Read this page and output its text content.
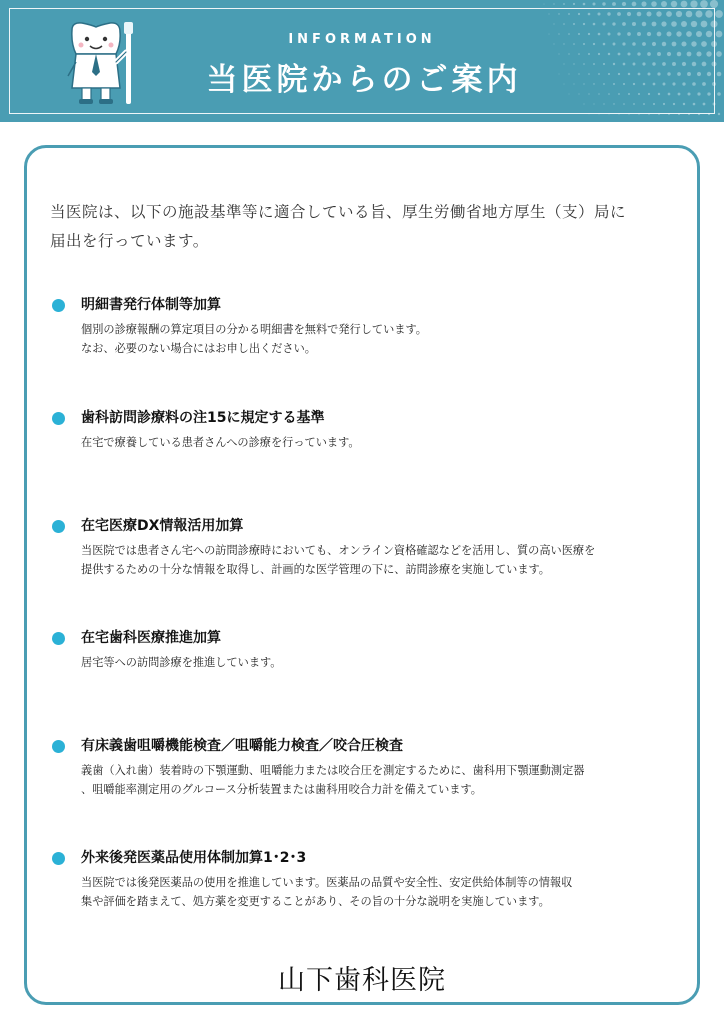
INFORMATION
当医院からのご案内
当医院は、以下の施設基準等に適合している旨、厚生労働省地方厚生（支）局に
届出を行っています。
明細書発行体制等加算
個別の診療報酬の算定項目の分かる明細書を無料で発行しています。
なお、必要のない場合にはお申し出ください。
歯科訪問診療料の注15に規定する基準
在宅で療養している患者さんへの診療を行っています。
在宅医療DX情報活用加算
当医院では患者さん宅への訪問診療時においても、オンライン資格確認などを活用し、質の高い医療を
提供するための十分な情報を取得し、計画的な医学管理の下に、訪問診療を実施しています。
在宅歯科医療推進加算
居宅等への訪問診療を推進しています。
有床義歯咀嚼機能検査／咀嚼能力検査／咬合圧検査
義歯（入れ歯）装着時の下顎運動、咀嚼能力または咬合圧を測定するために、歯科用下顎運動測定器
、咀嚼能率測定用のグルコース分析装置または歯科用咬合力計を備えています。
外来後発医薬品使用体制加算1･2･3
当医院では後発医薬品の使用を推進しています。医薬品の品質や安全性、安定供給体制等の情報収
集や評価を踏まえて、処方薬を変更することがあり、その旨の十分な説明を実施しています。
山下歯科医院
